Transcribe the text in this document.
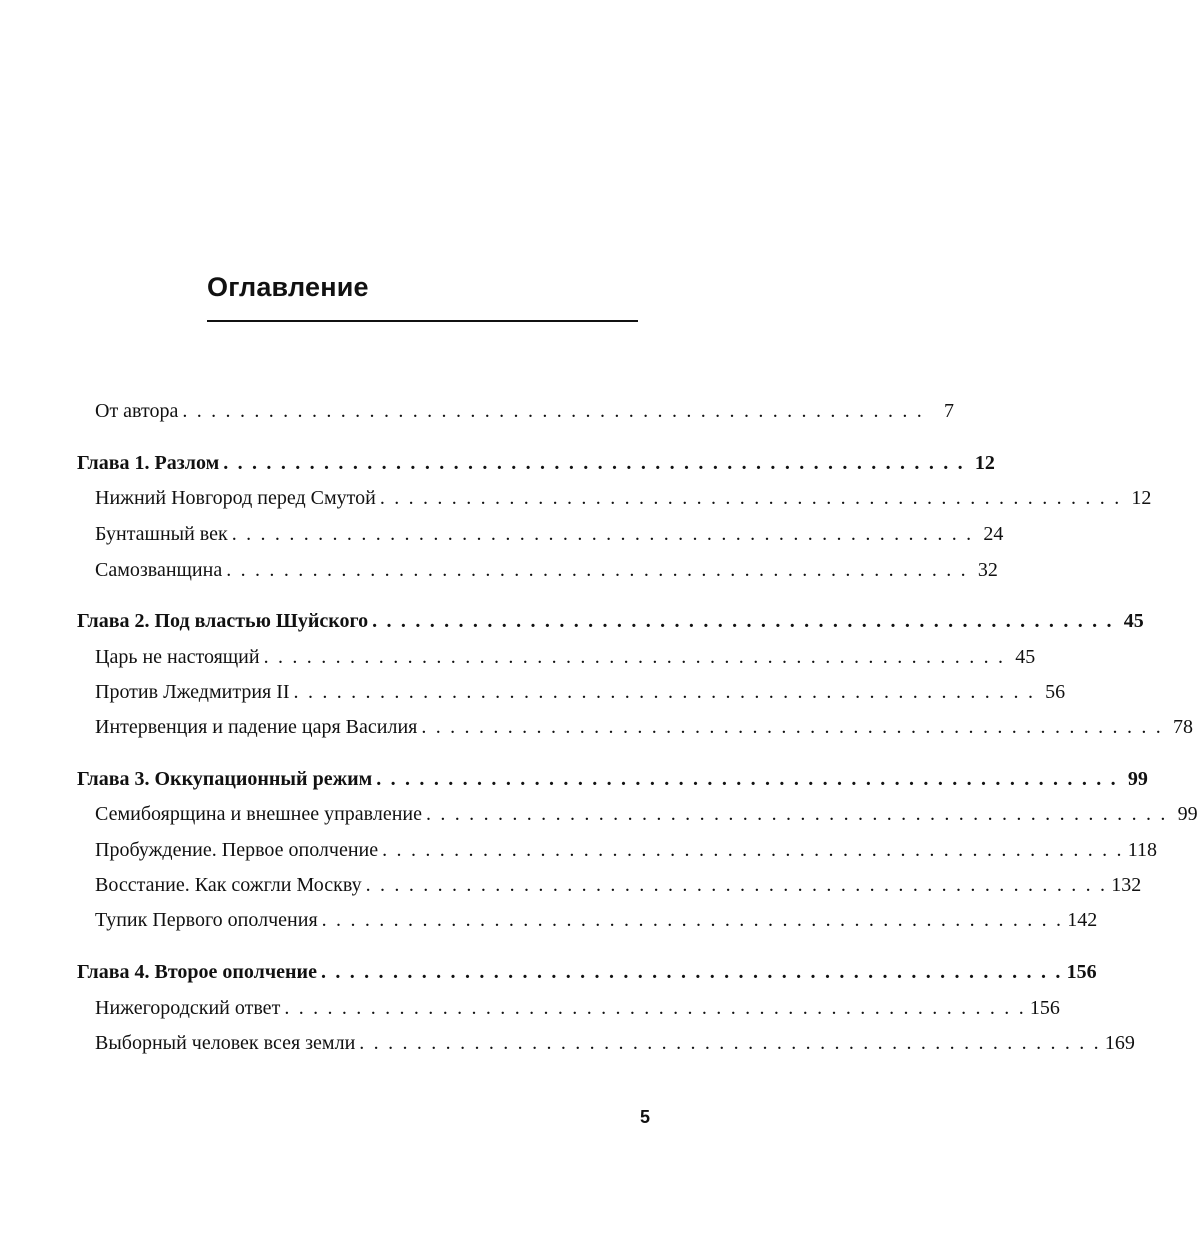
Оглавление
От автора . . . . . . . . . . . . . . . . . . . . . . . . . . . . . . . . . . . . . . . . . . . . . . . . . . . .	7
Глава 1. Разлом . . . . . . . . . . . . . . . . . . . . . . . . . . . . . . . . . . . . . . . . . . . . . . . . . . . . 12
Нижний Новгород перед Смутой . . . . . . . . . . . . . . . . . . . . . . . . . . . . . . . . . . . . . . . . . . . . . . . . . . . . 12
Бунташный век . . . . . . . . . . . . . . . . . . . . . . . . . . . . . . . . . . . . . . . . . . . . . . . . . . . . 24
Самозванщина . . . . . . . . . . . . . . . . . . . . . . . . . . . . . . . . . . . . . . . . . . . . . . . . . . . . 32
Глава 2. Под властью Шуйского . . . . . . . . . . . . . . . . . . . . . . . . . . . . . . . . . . . . . . . . . . . . . . . . . . . . 45
Царь не настоящий . . . . . . . . . . . . . . . . . . . . . . . . . . . . . . . . . . . . . . . . . . . . . . . . . . . . 45
Против Лжедмитрия II . . . . . . . . . . . . . . . . . . . . . . . . . . . . . . . . . . . . . . . . . . . . . . . . . . . . 56
Интервенция и падение царя Василия . . . . . . . . . . . . . . . . . . . . . . . . . . . . . . . . . . . . . . . . . . . . . . . . . . . . 78
Глава 3. Оккупационный режим . . . . . . . . . . . . . . . . . . . . . . . . . . . . . . . . . . . . . . . . . . . . . . . . . . . . 99
Семибоярщина и внешнее управление . . . . . . . . . . . . . . . . . . . . . . . . . . . . . . . . . . . . . . . . . . . . . . . . . . . . 99
Пробуждение. Первое ополчение . . . . . . . . . . . . . . . . . . . . . . . . . . . . . . . . . . . . . . . . . . . . . . . . . . . . 118
Восстание. Как сожгли Москву . . . . . . . . . . . . . . . . . . . . . . . . . . . . . . . . . . . . . . . . . . . . . . . . . . . . 132
Тупик Первого ополчения . . . . . . . . . . . . . . . . . . . . . . . . . . . . . . . . . . . . . . . . . . . . . . . . . . . . 142
Глава 4. Второе ополчение . . . . . . . . . . . . . . . . . . . . . . . . . . . . . . . . . . . . . . . . . . . . . . . . . . . . 156
Нижегородский ответ . . . . . . . . . . . . . . . . . . . . . . . . . . . . . . . . . . . . . . . . . . . . . . . . . . . . 156
Выборный человек всея земли . . . . . . . . . . . . . . . . . . . . . . . . . . . . . . . . . . . . . . . . . . . . . . . . . . . . 169
5
